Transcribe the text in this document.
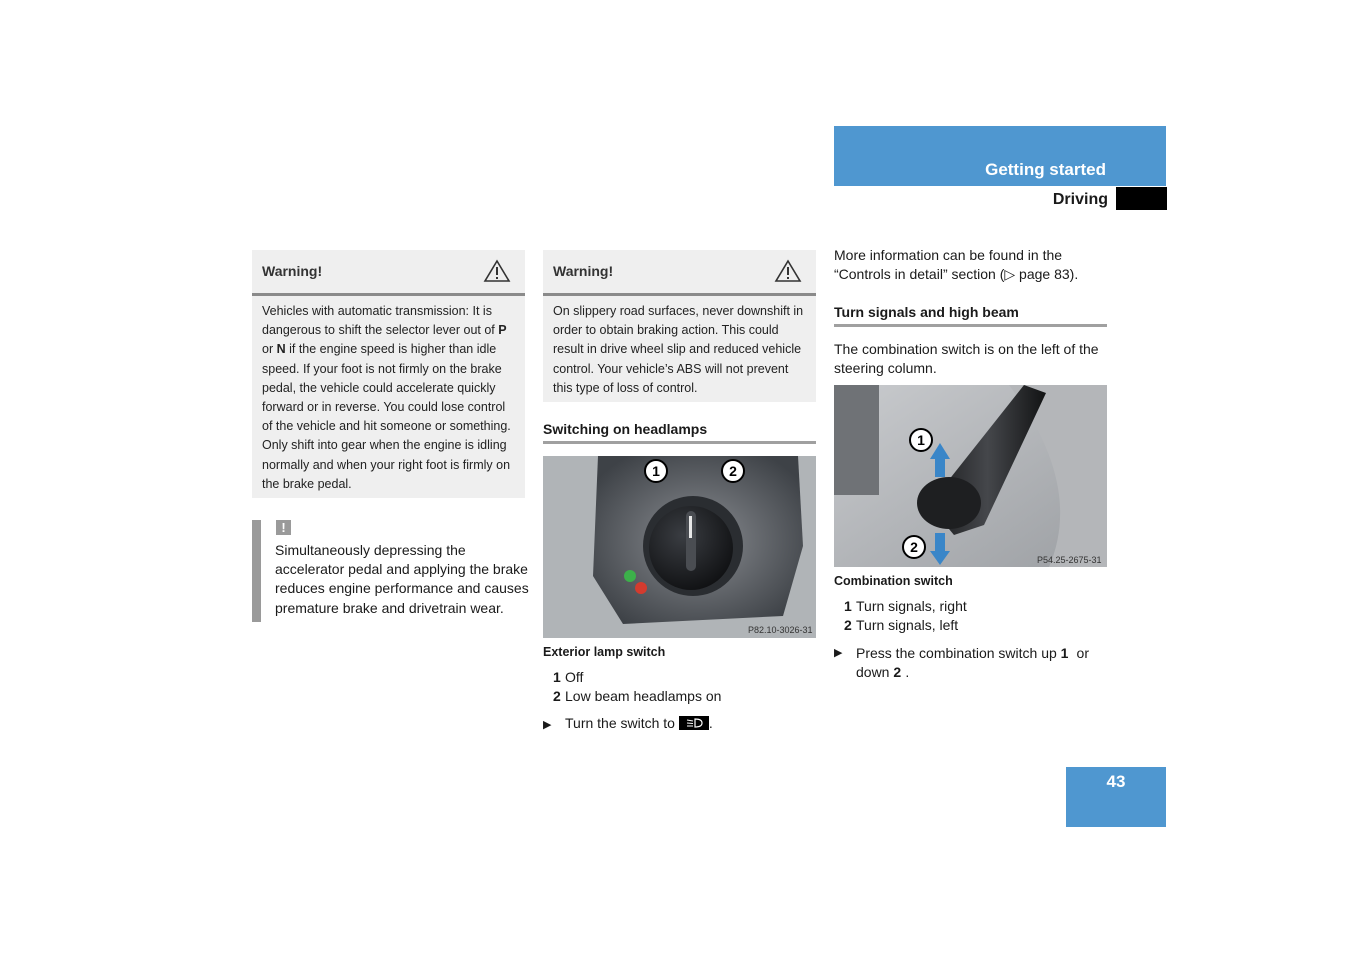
Getting started
Driving
Warning!
Vehicles with automatic transmission: It is dangerous to shift the selector lever out of P or N if the engine speed is higher than idle speed. If your foot is not firmly on the brake pedal, the vehicle could accelerate quickly forward or in reverse. You could lose control of the vehicle and hit someone or something. Only shift into gear when the engine is idling normally and when your right foot is firmly on the brake pedal.
!
Simultaneously depressing the accelerator pedal and applying the brake reduces engine performance and causes premature brake and drivetrain wear.
Warning!
On slippery road surfaces, never downshift in order to obtain braking action. This could result in drive wheel slip and reduced vehicle control. Your vehicle’s ABS will not prevent this type of loss of control.
Switching on headlamps
1	2
P82.10-3026-31
Exterior lamp switch
1 Off
2 Low beam headlamps on
▶ Turn the switch to .
More information can be found in the “Controls in detail” section (▷ page 83).
Turn signals and high beam
The combination switch is on the left of the steering column.
1
2
P54.25-2675-31
Combination switch
1 Turn signals, right
2 Turn signals, left
▶ Press the combination switch up 1 or down 2 .
43
